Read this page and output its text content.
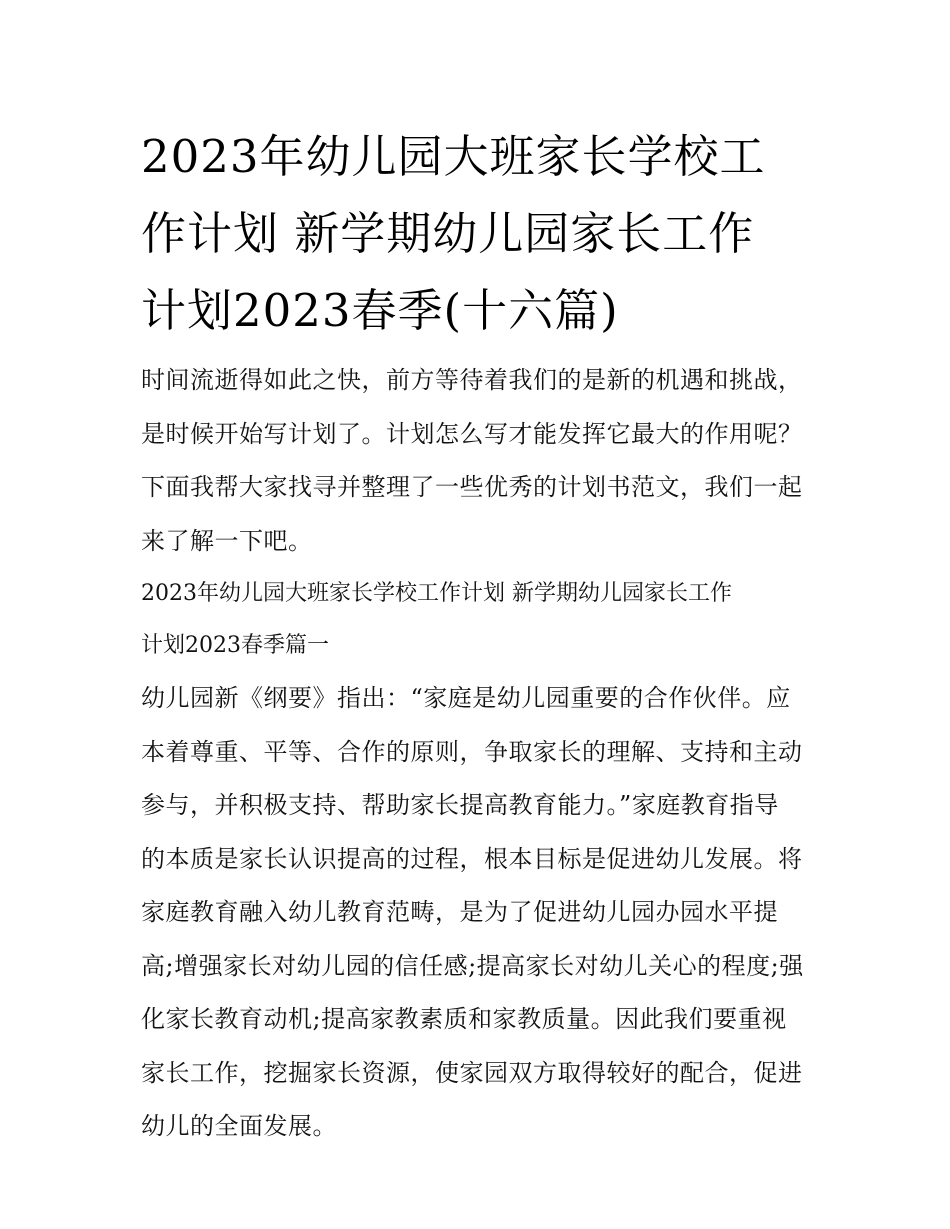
2023年幼儿园大班家长学校工
作计划 新学期幼儿园家长工作
计划2023春季(十六篇)
时间流逝得如此之快，前方等待着我们的是新的机遇和挑战，
是时候开始写计划了。计划怎么写才能发挥它最大的作用呢？
下面我帮大家找寻并整理了一些优秀的计划书范文，我们一起
来了解一下吧。
2023年幼儿园大班家长学校工作计划 新学期幼儿园家长工作
计划2023春季篇一
幼儿园新《纲要》指出：“家庭是幼儿园重要的合作伙伴。应
本着尊重、平等、合作的原则，争取家长的理解、支持和主动
参与，并积极支持、帮助家长提高教育能力。”家庭教育指导
的本质是家长认识提高的过程，根本目标是促进幼儿发展。将
家庭教育融入幼儿教育范畴，是为了促进幼儿园办园水平提
高;增强家长对幼儿园的信任感;提高家长对幼儿关心的程度;强
化家长教育动机;提高家教素质和家教质量。因此我们要重视
家长工作，挖掘家长资源，使家园双方取得较好的配合，促进
幼儿的全面发展。
